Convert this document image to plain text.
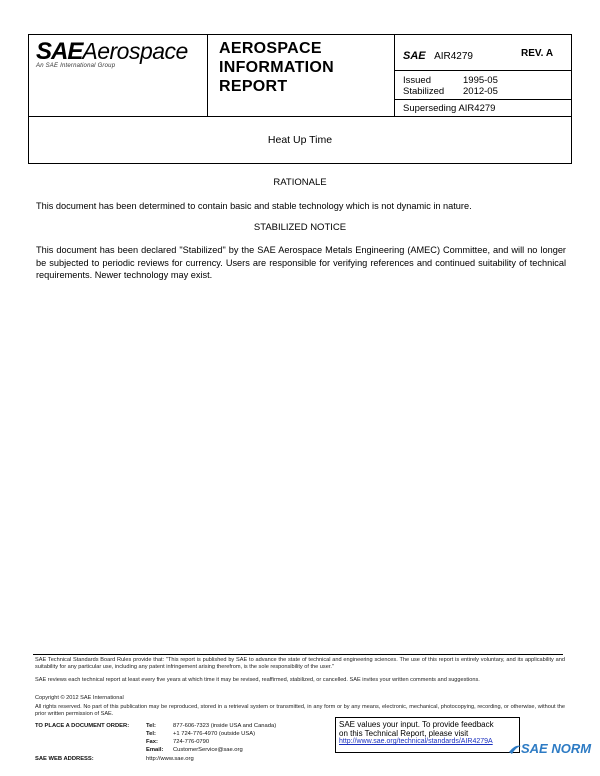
SAEAerospace
An SAE International Group
AEROSPACE
INFORMATION
REPORT
SAE AIR4279	REV. A
Issued	1995-05
Stabilized 2012-05
Superseding AIR4279
Heat Up Time
RATIONALE
This document has been determined to contain basic and stable technology which is not dynamic in nature.
STABILIZED NOTICE
This document has been declared "Stabilized" by the SAE Aerospace Metals Engineering (AMEC) Committee, and will no longer be subjected to periodic reviews for currency. Users are responsible for verifying references and continued suitability of technical requirements. Newer technology may exist.
SAE Technical Standards Board Rules provide that: "This report is published by SAE to advance the state of technical and engineering sciences. The use of this report is entirely voluntary, and its applicability and suitability for any particular use, including any patent infringement arising therefrom, is the sole responsibility of the user."
SAE reviews each technical report at least every five years at which time it may be revised, reaffirmed, stabilized, or cancelled. SAE invites your written comments and suggestions.
Copyright © 2012 SAE International
All rights reserved. No part of this publication may be reproduced, stored in a retrieval system or transmitted, in any form or by any means, electronic, mechanical, photocopying, recording, or otherwise, without the prior written permission of SAE.
TO PLACE A DOCUMENT ORDER:	Tel:	877-606-7323 (inside USA and Canada)
Tel:	+1 724-776-4970 (outside USA)
Fax:	724-776-0790
Email: CustomerService@sae.org
SAE WEB ADDRESS:	http://www.sae.org
SAE values your input. To provide feedback
on this Technical Report, please visit
http://www.sae.org/technical/standards/AIR4279A	SAE NORM
